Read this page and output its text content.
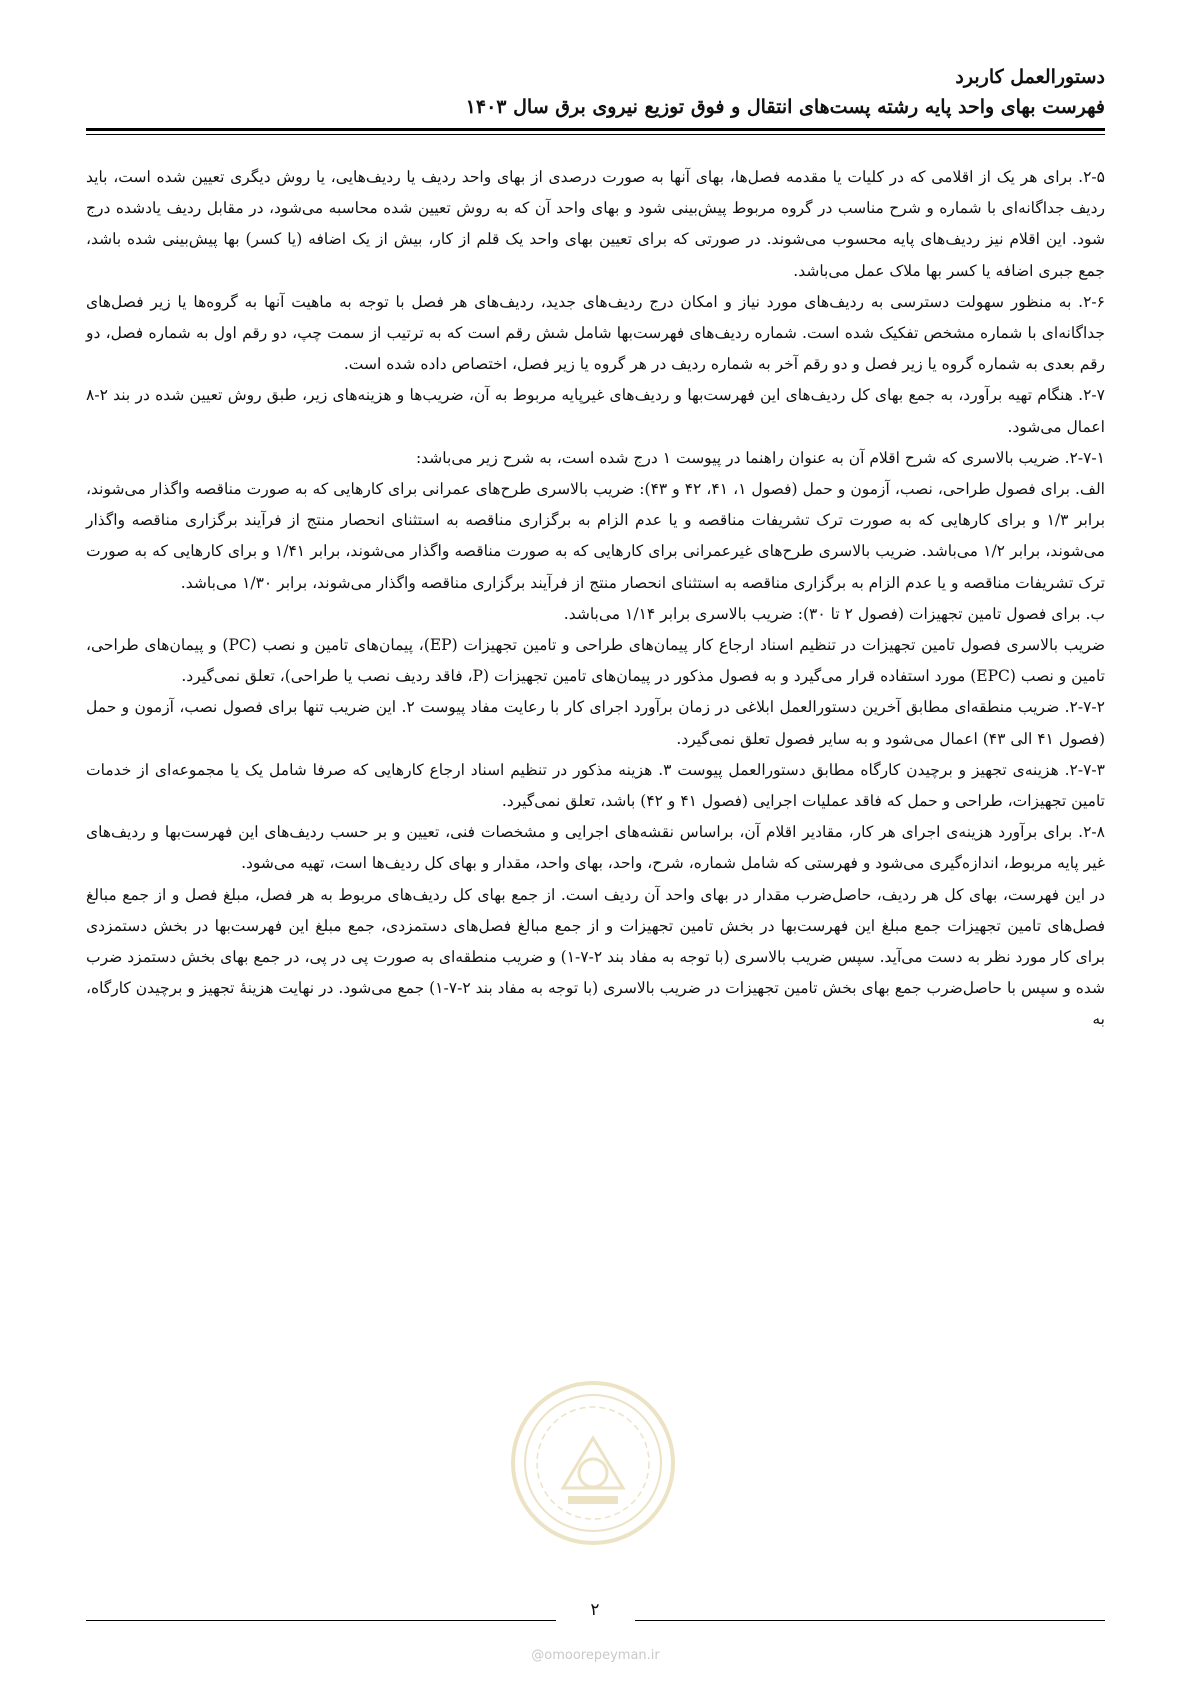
دستورالعمل کاربرد
فهرست بهای واحد پایه رشته پست‌های انتقال و فوق توزیع نیروی برق سال ۱۴۰۳

۲-۵. برای هر یک از اقلامی که در کلیات یا مقدمه فصل‌ها، بهای آنها به صورت درصدی از بهای واحد ردیف یا ردیف‌هایی، یا روش دیگری تعیین شده است، باید ردیف جداگانه‌ای با شماره و شرح مناسب در گروه مربوط پیش‌بینی شود و بهای واحد آن که به روش تعیین شده محاسبه می‌شود، در مقابل ردیف یادشده درج شود. این اقلام نیز ردیف‌های پایه محسوب می‌شوند. در صورتی که برای تعیین بهای واحد یک قلم از کار، بیش از یک اضافه (یا کسر) بها پیش‌بینی شده باشد، جمع جبری اضافه یا کسر بها ملاک عمل می‌باشد.

۲-۶. به منظور سهولت دسترسی به ردیف‌های مورد نیاز و امکان درج ردیف‌های جدید، ردیف‌های هر فصل با توجه به ماهیت آنها به گروه‌ها یا زیر فصل‌های جداگانه‌ای با شماره مشخص تفکیک شده است. شماره ردیف‌های فهرست‌بها شامل شش رقم است که به ترتیب از سمت چپ، دو رقم اول به شماره فصل، دو رقم بعدی به شماره گروه یا زیر فصل و دو رقم آخر به شماره ردیف در هر گروه یا زیر فصل، اختصاص داده شده است.

۲-۷. هنگام تهیه برآورد، به جمع بهای کل ردیف‌های این فهرست‌بها و ردیف‌های غیرپایه مربوط به آن، ضریب‌ها و هزینه‌های زیر، طبق روش تعیین شده در بند ۲-۸ اعمال می‌شود.

۲-۷-۱. ضریب بالاسری که شرح اقلام آن به عنوان راهنما در پیوست ۱ درج شده است، به شرح زیر می‌باشد:

الف. برای فصول طراحی، نصب، آزمون و حمل (فصول ۱، ۴۱، ۴۲ و ۴۳): ضریب بالاسری طرح‌های عمرانی برای کارهایی که به صورت مناقصه واگذار می‌شوند، برابر ۱/۳ و برای کارهایی که به صورت ترک تشریفات مناقصه و یا عدم الزام به برگزاری مناقصه به استثنای انحصار منتج از فرآیند برگزاری مناقصه واگذار می‌شوند، برابر ۱/۲ می‌باشد. ضریب بالاسری طرح‌های غیرعمرانی برای کارهایی که به صورت مناقصه واگذار می‌شوند، برابر ۱/۴۱ و برای کارهایی که به صورت ترک تشریفات مناقصه و یا عدم الزام به برگزاری مناقصه به استثنای انحصار منتج از فرآیند برگزاری مناقصه واگذار می‌شوند، برابر ۱/۳۰ می‌باشد.

ب. برای فصول تامین تجهیزات (فصول ۲ تا ۳۰): ضریب بالاسری برابر ۱/۱۴ می‌باشد.

ضریب بالاسری فصول تامین تجهیزات در تنظیم اسناد ارجاع کار پیمان‌های طراحی و تامین تجهیزات (EP)، پیمان‌های تامین و نصب (PC) و پیمان‌های طراحی، تامین و نصب (EPC) مورد استفاده قرار می‌گیرد و به فصول مذکور در پیمان‌های تامین تجهیزات (P، فاقد ردیف نصب یا طراحی)، تعلق نمی‌گیرد.

۲-۷-۲. ضریب منطقه‌ای مطابق آخرین دستورالعمل ابلاغی در زمان برآورد اجرای کار با رعایت مفاد پیوست ۲. این ضریب تنها برای فصول نصب، آزمون و حمل (فصول ۴۱ الی ۴۳) اعمال می‌شود و به سایر فصول تعلق نمی‌گیرد.

۲-۷-۳. هزینه‌ی تجهیز و برچیدن کارگاه مطابق دستورالعمل پیوست ۳. هزینه مذکور در تنظیم اسناد ارجاع کارهایی که صرفا شامل یک یا مجموعه‌ای از خدمات تامین تجهیزات، طراحی و حمل که فاقد عملیات اجرایی (فصول ۴۱ و ۴۲) باشد، تعلق نمی‌گیرد.

۲-۸. برای برآورد هزینه‌ی اجرای هر کار، مقادیر اقلام آن، براساس نقشه‌های اجرایی و مشخصات فنی، تعیین و بر حسب ردیف‌های این فهرست‌بها و ردیف‌های غیر پایه مربوط، اندازه‌گیری می‌شود و فهرستی که شامل شماره، شرح، واحد، بهای واحد، مقدار و بهای کل ردیف‌ها است، تهیه می‌شود.

در این فهرست، بهای کل هر ردیف، حاصل‌ضرب مقدار در بهای واحد آن ردیف است. از جمع بهای کل ردیف‌های مربوط به هر فصل، مبلغ فصل و از جمع مبالغ فصل‌های تامین تجهیزات جمع مبلغ این فهرست‌بها در بخش تامین تجهیزات و از جمع مبالغ فصل‌های دستمزدی، جمع مبلغ این فهرست‌بها در بخش دستمزدی برای کار مورد نظر به دست می‌آید. سپس ضریب بالاسری (با توجه به مفاد بند ۲-۷-۱) و ضریب منطقه‌ای به صورت پی در پی، در جمع بهای بخش دستمزد ضرب شده و سپس با حاصل‌ضرب جمع بهای بخش تامین تجهیزات در ضریب بالاسری (با توجه به مفاد بند ۲-۷-۱) جمع می‌شود. در نهایت هزینهٔ تجهیز و برچیدن کارگاه، به

۲
@omoorepeyman.ir
